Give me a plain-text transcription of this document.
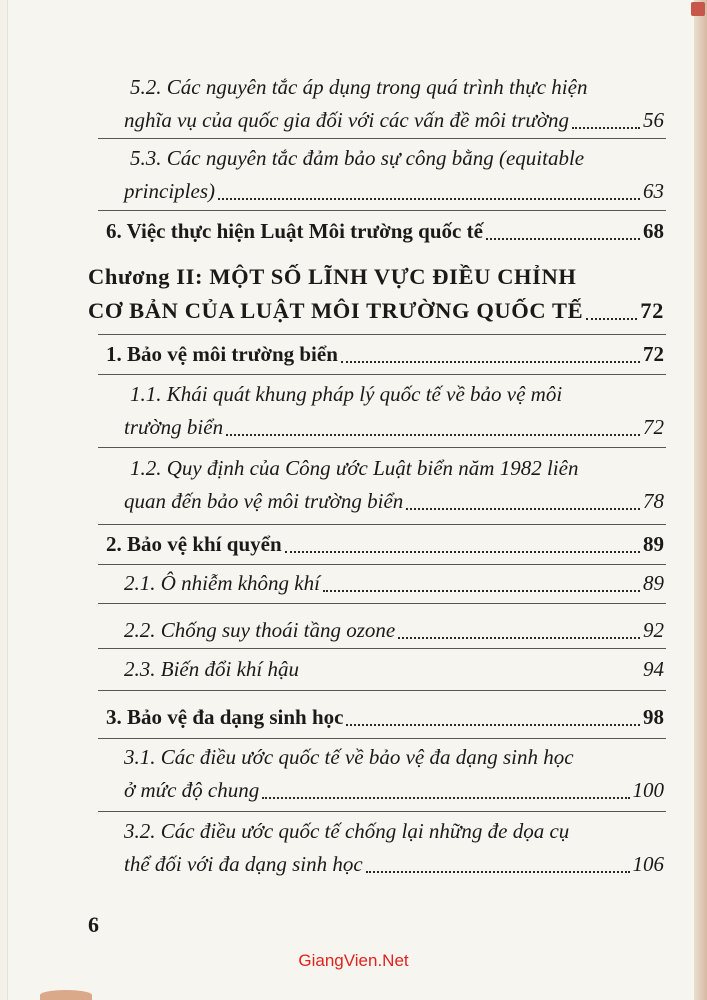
5.2. Các nguyên tắc áp dụng trong quá trình thực hiện
nghĩa vụ của quốc gia đối với các vấn đề môi trường	56
5.3. Các nguyên tắc đảm bảo sự công bằng (equitable
principles)	63
6. Việc thực hiện Luật Môi trường quốc tế	68
Chương II: MỘT SỐ LĨNH VỰC ĐIỀU CHỈNH
CƠ BẢN CỦA LUẬT MÔI TRƯỜNG QUỐC TẾ	72
1. Bảo vệ môi trường biển	72
1.1. Khái quát khung pháp lý quốc tế về bảo vệ môi
trường biển	72
1.2. Quy định của Công ước Luật biển năm 1982 liên
quan đến bảo vệ môi trường biển	78
2. Bảo vệ khí quyển	89
2.1. Ô nhiễm không khí	89
2.2. Chống suy thoái tầng ozone	92
2.3. Biến đổi khí hậu	94
3. Bảo vệ đa dạng sinh học	98
3.1. Các điều ước quốc tế về bảo vệ đa dạng sinh học
ở mức độ chung	100
3.2. Các điều ước quốc tế chống lại những đe dọa cụ
thể đối với đa dạng sinh học	106
6
GiangVien.Net
